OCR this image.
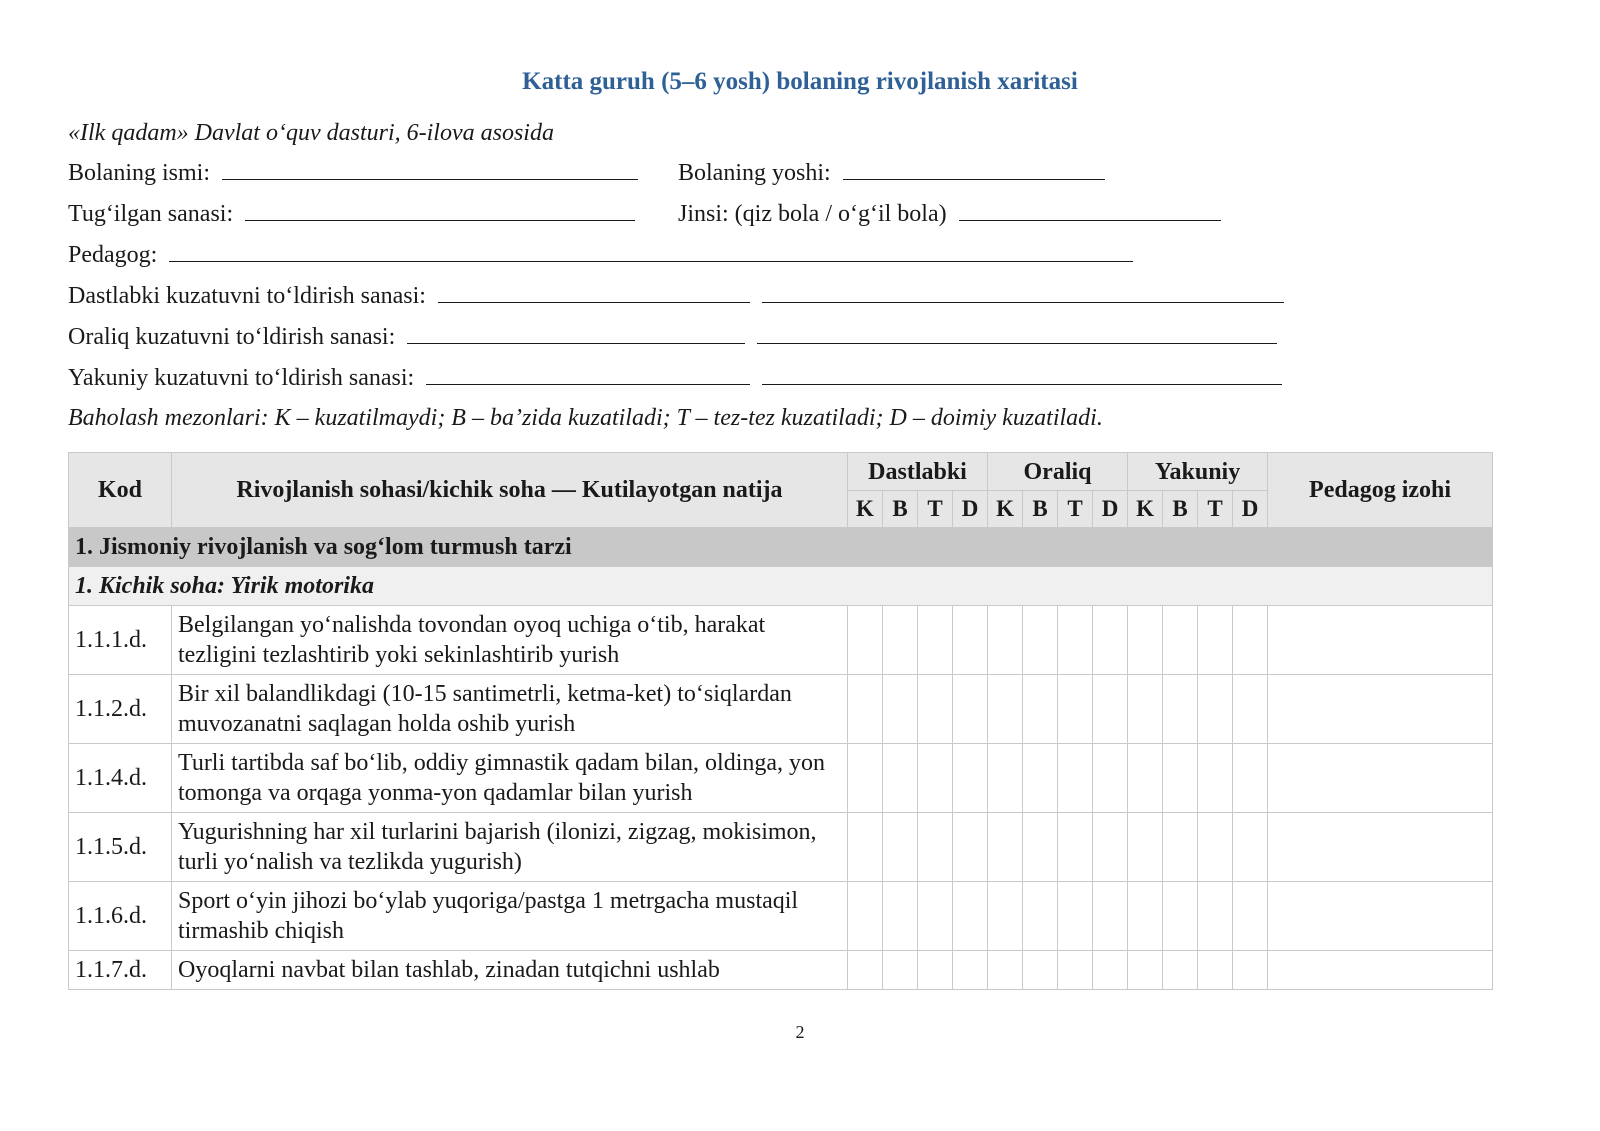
Katta guruh (5–6 yosh) bolaning rivojlanish xaritasi
«Ilk qadam» Davlat o‘quv dasturi, 6-ilova asosida
Bolaning ismi:	Bolaning yoshi:
Tug‘ilgan sanasi:	Jinsi: (qiz bola / o‘g‘il bola)
Pedagog:
Dastlabki kuzatuvni to‘ldirish sanasi:
Oraliq kuzatuvni to‘ldirish sanasi:
Yakuniy kuzatuvni to‘ldirish sanasi:
Baholash mezonlari: K – kuzatilmaydi; B – ba’zida kuzatiladi; T – tez-tez kuzatiladi; D – doimiy kuzatiladi.
Kod	Rivojlanish sohasi/kichik soha — Kutilayotgan natija	Dastlabki				Oraliq				Yakuniy				Pedagog izohi
		K	B	T	D	K	B	T	D	K	B	T	D	
1. Jismoniy rivojlanish va sog‘lom turmush tarzi														
1. Kichik soha: Yirik motorika														
1.1.1.d.	Belgilangan yo‘nalishda tovondan oyoq uchiga o‘tib, harakat tezligini tezlashtirib yoki sekinlashtirib yurish													
1.1.2.d.	Bir xil balandlikdagi (10-15 santimetrli, ketma-ket) to‘siqlardan muvozanatni saqlagan holda oshib yurish													
1.1.4.d.	Turli tartibda saf bo‘lib, oddiy gimnastik qadam bilan, oldinga, yon tomonga va orqaga yonma-yon qadamlar bilan yurish													
1.1.5.d.	Yugurishning har xil turlarini bajarish (ilonizi, zigzag, mokisimon, turli yo‘nalish va tezlikda yugurish)													
1.1.6.d.	Sport o‘yin jihozi bo‘ylab yuqoriga/pastga 1 metrgacha mustaqil tirmashib chiqish													
1.1.7.d.	Oyoqlarni navbat bilan tashlab, zinadan tutqichni ushlab													
2
